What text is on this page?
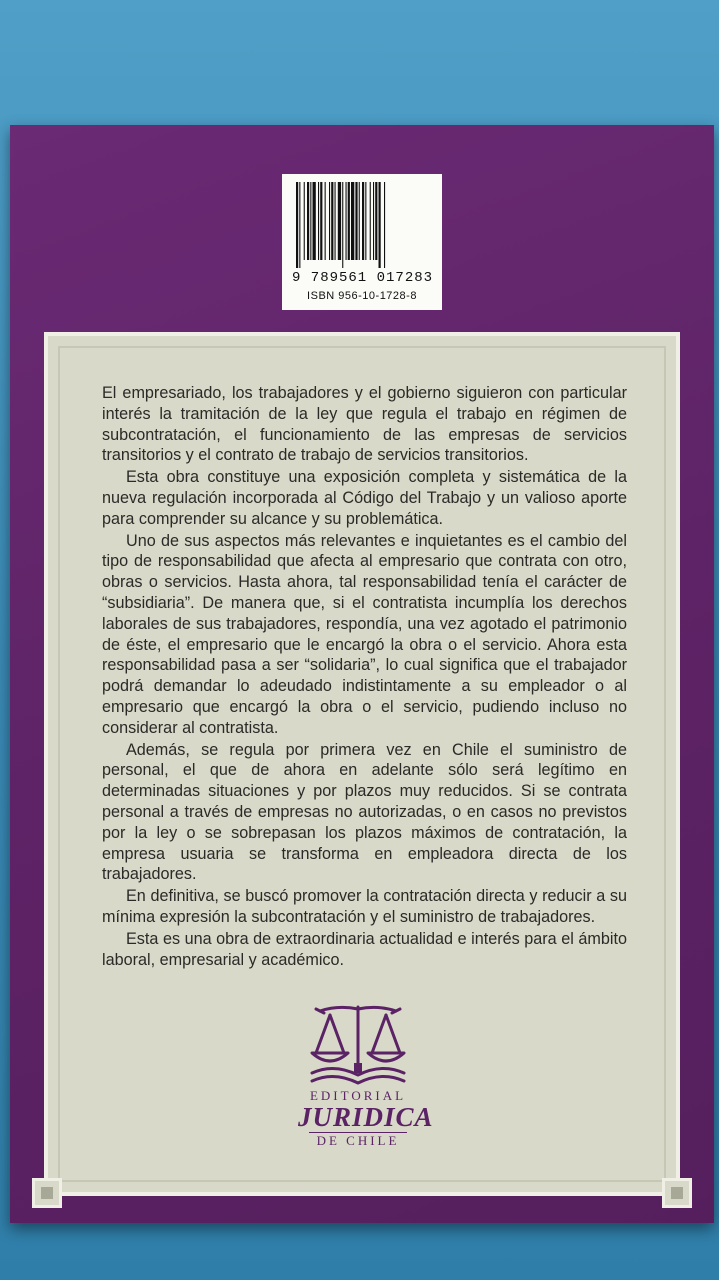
9 789561 017283
ISBN 956-10-1728-8

El empresariado, los trabajadores y el gobierno siguieron con particular interés la tramitación de la ley que regula el trabajo en régimen de subcontratación, el funcionamiento de las empresas de servicios transitorios y el contrato de trabajo de servicios transitorios.

Esta obra constituye una exposición completa y sistemática de la nueva regulación incorporada al Código del Trabajo y un valioso aporte para comprender su alcance y su problemática.

Uno de sus aspectos más relevantes e inquietantes es el cambio del tipo de responsabilidad que afecta al empresario que contrata con otro, obras o servicios. Hasta ahora, tal responsabilidad tenía el carácter de “subsidiaria”. De manera que, si el contratista incumplía los derechos laborales de sus trabajadores, respondía, una vez agotado el patrimonio de éste, el empresario que le encargó la obra o el servicio. Ahora esta responsabilidad pasa a ser “solidaria”, lo cual significa que el trabajador podrá demandar lo adeudado indistintamente a su empleador o al empresario que encargó la obra o el servicio, pudiendo incluso no considerar al contratista.

Además, se regula por primera vez en Chile el suministro de personal, el que de ahora en adelante sólo será legítimo en determinadas situaciones y por plazos muy reducidos. Si se contrata personal a través de empresas no autorizadas, o en casos no previstos por la ley o se sobrepasan los plazos máximos de contratación, la empresa usuaria se transforma en empleadora directa de los trabajadores.

En definitiva, se buscó promover la contratación directa y reducir a su mínima expresión la subcontratación y el suministro de trabajadores.

Esta es una obra de extraordinaria actualidad e interés para el ámbito laboral, empresarial y académico.

EDITORIAL
JURIDICA
DE CHILE
